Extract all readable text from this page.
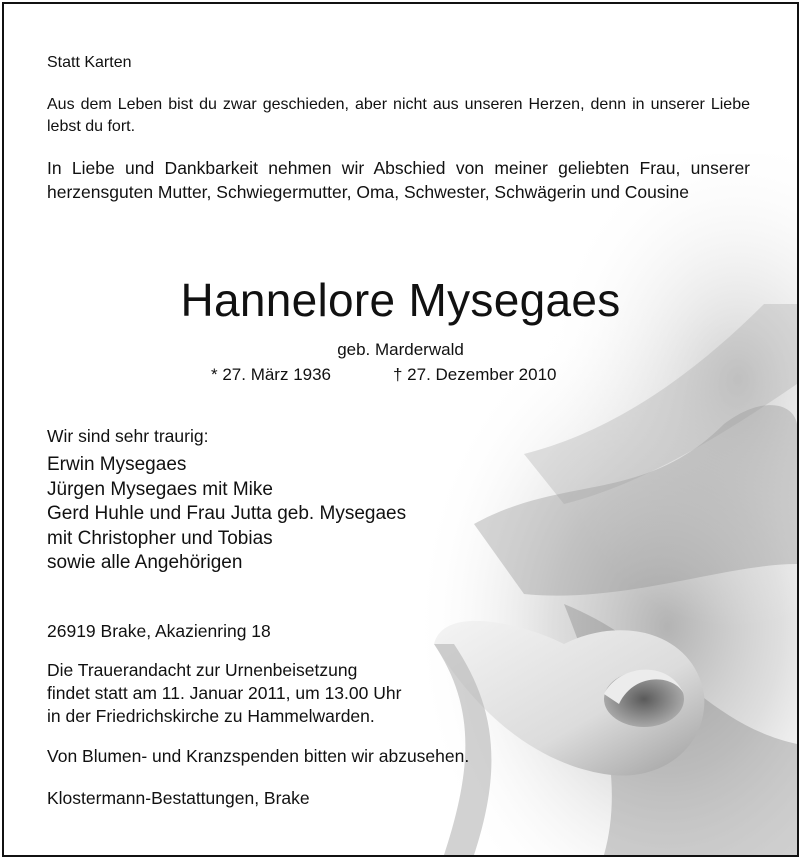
Statt Karten
Aus dem Leben bist du zwar geschieden, aber nicht aus unseren Herzen, denn in unserer Liebe lebst du fort.
In Liebe und Dankbarkeit nehmen wir Abschied von meiner geliebten Frau, unserer herzensguten Mutter, Schwiegermutter, Oma, Schwester, Schwägerin und Cousine
Hannelore Mysegaes
geb. Marderwald
* 27. März 1936	† 27. Dezember 2010
Wir sind sehr traurig:
Erwin Mysegaes
Jürgen Mysegaes mit Mike
Gerd Huhle und Frau Jutta geb. Mysegaes
mit Christopher und Tobias
sowie alle Angehörigen
26919 Brake, Akazienring 18
Die Trauerandacht zur Urnenbeisetzung
findet statt am 11. Januar 2011, um 13.00 Uhr
in der Friedrichskirche zu Hammelwarden.
Von Blumen- und Kranzspenden bitten wir abzusehen.
Klostermann-Bestattungen, Brake
